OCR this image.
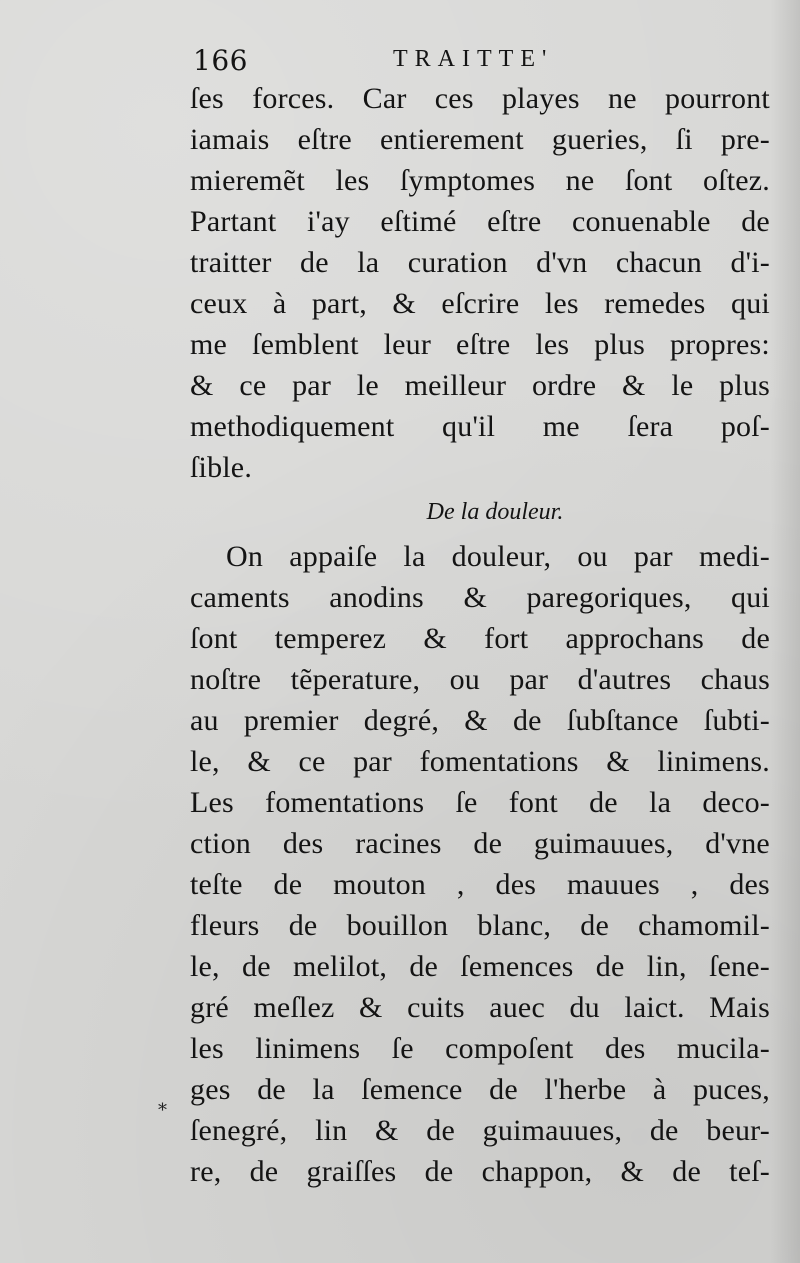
166	TRAITTE'
ſes forces. Car ces playes ne pourront
iamais eſtre entierement gueries, ſi pre-
mieremẽt les ſymptomes ne ſont oſtez.
Partant i'ay eſtimé eſtre conuenable de
traitter de la curation d'vn chacun d'i-
ceux à part, & eſcrire les remedes qui
me ſemblent leur eſtre les plus propres:
& ce par le meilleur ordre & le plus
methodiquement qu'il me ſera poſ-
ſible.
De la douleur.
On appaiſe la douleur, ou par medi-
caments anodins & paregoriques, qui
ſont temperez & fort approchans de
noſtre tẽperature, ou par d'autres chaus
au premier degré, & de ſubſtance ſubti-
le, & ce par fomentations & linimens.
Les fomentations ſe font de la deco-
ction des racines de guimauues, d'vne
teſte de mouton , des mauues , des
fleurs de bouillon blanc, de chamomil-
le, de melilot, de ſemences de lin, ſene-
gré meſlez & cuits auec du laict. Mais
les linimens ſe compoſent des mucila-
ges de la ſemence de l'herbe à puces,
ſenegré, lin & de guimauues, de beur-
re, de graiſſes de chappon, & de teſ-
*
